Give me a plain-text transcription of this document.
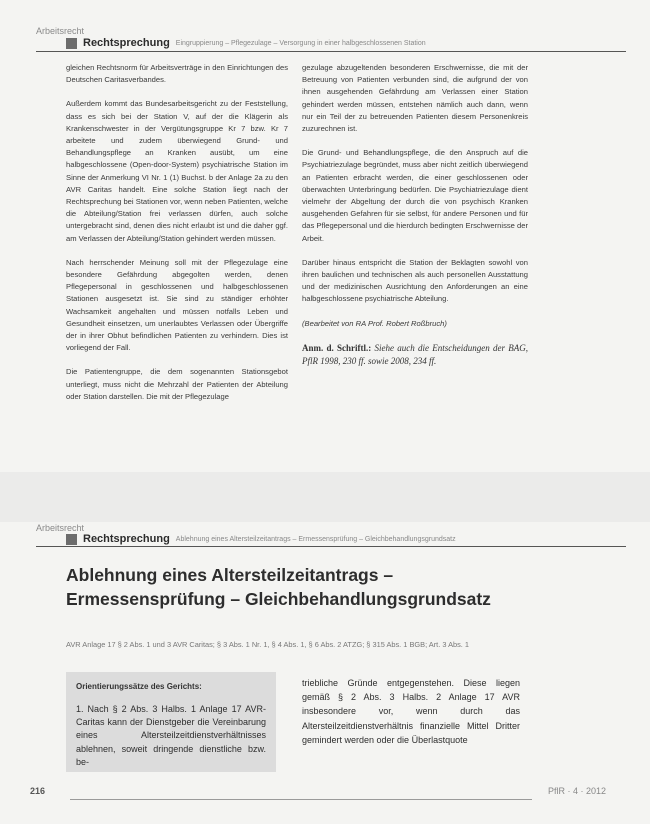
Arbeitsrecht
Rechtsprechung Eingruppierung – Pflegezulage – Versorgung in einer halbgeschlossenen Station

gleichen Rechtsnorm für Arbeitsverträge in den Einrichtungen des Deutschen Caritasverbandes.

Außerdem kommt das Bundesarbeitsgericht zu der Feststellung, dass es sich bei der Station V, auf der die Klägerin als Krankenschwester in der Vergütungsgruppe Kr 7 bzw. Kr 7 arbeitete und zudem überwiegend Grund- und Behandlungspflege an Kranken ausübt, um eine halbgeschlossene (Open-door-System) psychiatrische Station im Sinne der Anmerkung VI Nr. 1 (1) Buchst. b der Anlage 2a zu den AVR Caritas handelt. Eine solche Station liegt nach der Rechtsprechung bei Stationen vor, wenn neben Patienten, welche die Abteilung/Station frei verlassen dürfen, auch solche untergebracht sind, denen dies nicht erlaubt ist und die daher ggf. am Verlassen der Abteilung/Station gehindert werden müssen.

Nach herrschender Meinung soll mit der Pflegezulage eine besondere Gefährdung abgegolten werden, denen Pflegepersonal in geschlossenen und halbgeschlossenen Stationen ausgesetzt ist. Sie sind zu ständiger erhöhter Wachsamkeit angehalten und müssen notfalls Leben und Gesundheit einsetzen, um unerlaubtes Verlassen oder Übergriffe der in ihrer Obhut befindlichen Patienten zu verhindern. Dies ist vorliegend der Fall.

Die Patientengruppe, die dem sogenannten Stationsgebot unterliegt, muss nicht die Mehrzahl der Patienten der Abteilung oder Station darstellen. Die mit der Pflegezulage

gezulage abzugeltenden besonderen Erschwernisse, die mit der Betreuung von Patienten verbunden sind, die aufgrund der von ihnen ausgehenden Gefährdung am Verlassen einer Station gehindert werden müssen, entstehen nämlich auch dann, wenn nur ein Teil der zu betreuenden Patienten diesem Personenkreis zuzurechnen ist.

Die Grund- und Behandlungspflege, die den Anspruch auf die Psychiatriezulage begründet, muss aber nicht zeitlich überwiegend an Patienten erbracht werden, die einer geschlossenen oder überwachten Unterbringung bedürfen. Die Psychiatriezulage dient vielmehr der Abgeltung der durch die von psychisch Kranken ausgehenden Gefahren für sie selbst, für andere Personen und für das Pflegepersonal und die hierdurch bedingten Erschwernisse der Arbeit.

Darüber hinaus entspricht die Station der Beklagten sowohl von ihren baulichen und technischen als auch personellen Ausstattung und der medizinischen Ausrichtung den Anforderungen an eine halbgeschlossene psychiatrische Abteilung.

(Bearbeitet von RA Prof. Robert Roßbruch)

Anm. d. Schriftl.: Siehe auch die Entscheidungen der BAG, PflR 1998, 230 ff. sowie 2008, 234 ff.

Arbeitsrecht
Rechtsprechung Ablehnung eines Altersteilzeitantrags – Ermessensprüfung – Gleichbehandlungsgrundsatz
Ablehnung eines Altersteilzeitantrags –
Ermessensprüfung – Gleichbehandlungsgrundsatz
AVR Anlage 17 § 2 Abs. 1 und 3 AVR Caritas; § 3 Abs. 1 Nr. 1, § 4 Abs. 1, § 6 Abs. 2 ATZG; § 315 Abs. 1 BGB; Art. 3 Abs. 1
Orientierungssätze des Gerichts:
1. Nach § 2 Abs. 3 Halbs. 1 Anlage 17 AVR-Caritas kann der Dienstgeber die Vereinbarung eines Altersteilzeitdienstverhältnisses ablehnen, soweit dringende dienstliche bzw. be-
triebliche Gründe entgegenstehen. Diese liegen gemäß § 2 Abs. 3 Halbs. 2 Anlage 17 AVR insbesondere vor, wenn durch das Altersteilzeitdienstverhältnis finanzielle Mittel Dritter gemindert werden oder die Überlastquote
216	PflR · 4 · 2012
